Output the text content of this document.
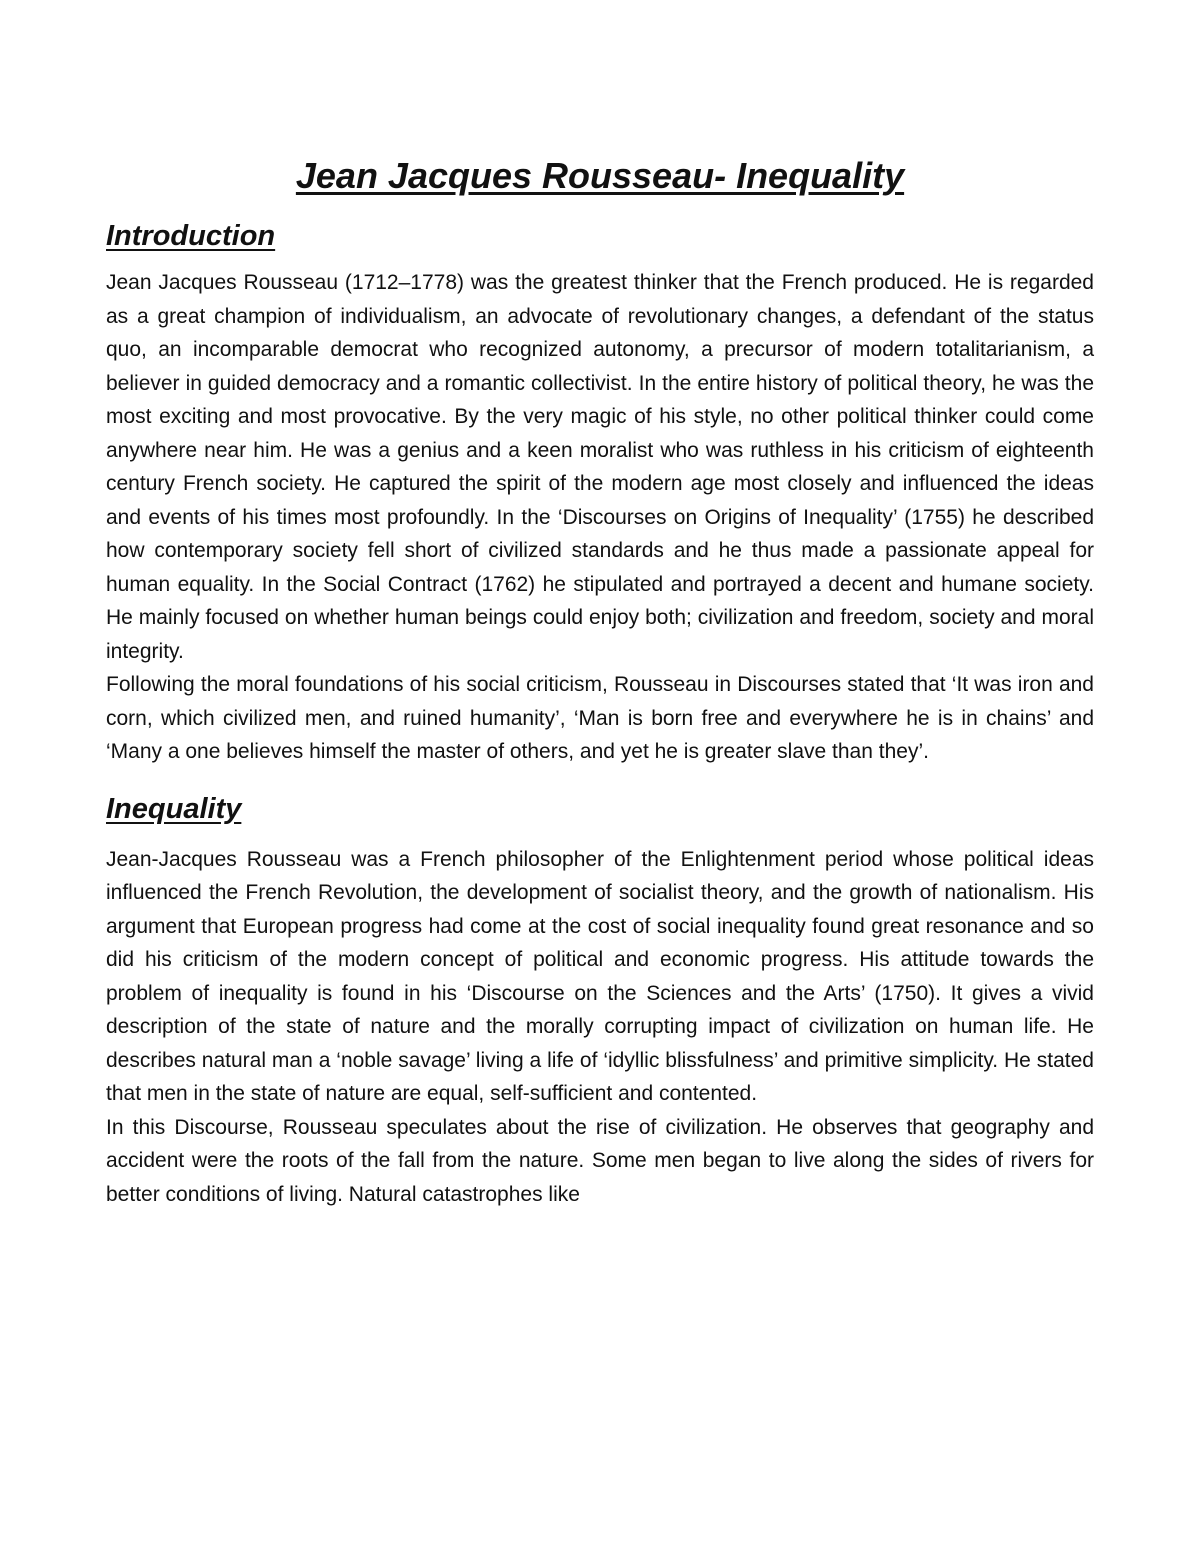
Jean Jacques Rousseau- Inequality
Introduction

Jean Jacques Rousseau (1712–1778) was the greatest thinker that the French produced. He is regarded as a great champion of individualism, an advocate of revolutionary changes, a defendant of the status quo, an incomparable democrat who recognized autonomy, a precursor of modern totalitarianism, a believer in guided democracy and a romantic collectivist. In the entire history of political theory, he was the most exciting and most provocative. By the very magic of his style, no other political thinker could come anywhere near him. He was a genius and a keen moralist who was ruthless in his criticism of eighteenth century French society. He captured the spirit of the modern age most closely and influenced the ideas and events of his times most profoundly. In the ‘Discourses on Origins of Inequality’ (1755) he described how contemporary society fell short of civilized standards and he thus made a passionate appeal for human equality. In the Social Contract (1762) he stipulated and portrayed a decent and humane society. He mainly focused on whether human beings could enjoy both; civilization and freedom, society and moral integrity.

Following the moral foundations of his social criticism, Rousseau in Discourses stated that ‘It was iron and corn, which civilized men, and ruined humanity’, ‘Man is born free and everywhere he is in chains’ and ‘Many a one believes himself the master of others, and yet he is greater slave than they’.

Inequality

Jean-Jacques Rousseau was a French philosopher of the Enlightenment period whose political ideas influenced the French Revolution, the development of socialist theory, and the growth of nationalism. His argument that European progress had come at the cost of social inequality found great resonance and so did his criticism of the modern concept of political and economic progress. His attitude towards the problem of inequality is found in his ‘Discourse on the Sciences and the Arts’ (1750). It gives a vivid description of the state of nature and the morally corrupting impact of civilization on human life. He describes natural man a ‘noble savage’ living a life of ‘idyllic blissfulness’ and primitive simplicity. He stated that men in the state of nature are equal, self-sufficient and contented.

In this Discourse, Rousseau speculates about the rise of civilization. He observes that geography and accident were the roots of the fall from the nature. Some men began to live along the sides of rivers for better conditions of living. Natural catastrophes like
